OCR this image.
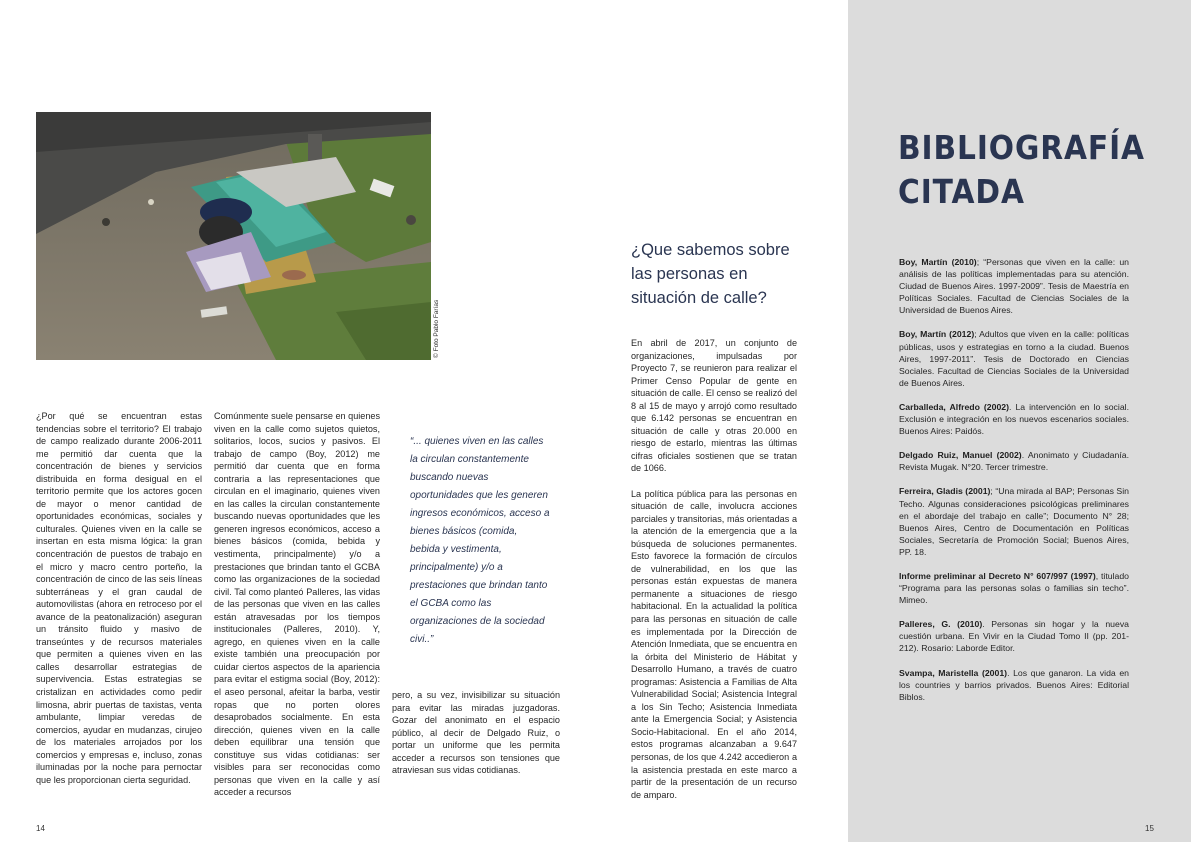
© Foto Pablo Farías
¿Por qué se encuentran estas tendencias sobre el territorio? El trabajo de campo realizado durante 2006-2011 me permitió dar cuenta que la concentración de bienes y servicios distribuida en forma desigual en el territorio permite que los actores gocen de mayor o menor cantidad de oportunidades económicas, sociales y culturales. Quienes viven en la calle se insertan en esta misma lógica: la gran concentración de puestos de trabajo en el micro y macro centro porteño, la concentración de cinco de las seis líneas subterráneas y el gran caudal de automovilistas (ahora en retroceso por el avance de la peatonalización) aseguran un tránsito fluido y masivo de transeúntes y de recursos materiales que permiten a quienes viven en las calles desarrollar estrategias de supervivencia. Estas estrategias se cristalizan en actividades como pedir limosna, abrir puertas de taxistas, venta ambulante, limpiar veredas de comercios, ayudar en mudanzas, cirujeo de los materiales arrojados por los comercios y empresas e, incluso, zonas iluminadas por la noche para pernoctar que les proporcionan cierta seguridad.
Comúnmente suele pensarse en quienes viven en la calle como sujetos quietos, solitarios, locos, sucios y pasivos. El trabajo de campo (Boy, 2012) me permitió dar cuenta que en forma contraria a las representaciones que circulan en el imaginario, quienes viven en las calles la circulan constantemente buscando nuevas oportunidades que les generen ingresos económicos, acceso a bienes básicos (comida, bebida y vestimenta, principalmente) y/o a prestaciones que brindan tanto el GCBA como las organizaciones de la sociedad civil. Tal como planteó Palleres, las vidas de las personas que viven en las calles están atravesadas por los tiempos institucionales (Palleres, 2010). Y, agrego, en quienes viven en la calle existe también una preocupación por cuidar ciertos aspectos de la apariencia para evitar el estigma social (Boy, 2012): el aseo personal, afeitar la barba, vestir ropas que no porten olores desaprobados socialmente. En esta dirección, quienes viven en la calle deben equilibrar una tensión que constituye sus vidas cotidianas: ser visibles para ser reconocidas como personas que viven en la calle y así acceder a recursos
“... quienes viven en las calles la circulan constantemente buscando nuevas oportunidades que les generen ingresos económicos, acceso a bienes básicos (comida, bebida y vestimenta, principalmente) y/o a prestaciones que brindan tanto el GCBA como las organizaciones de la sociedad civi..”
pero, a su vez, invisibilizar su situación para evitar las miradas juzgadoras. Gozar del anonimato en el espacio público, al decir de Delgado Ruiz, o portar un uniforme que les permita acceder a recursos son tensiones que atraviesan sus vidas cotidianas.
¿Que sabemos sobre las personas en situación de calle?

En abril de 2017, un conjunto de organizaciones, impulsadas por Proyecto 7, se reunieron para realizar el Primer Censo Popular de gente en situación de calle. El censo se realizó del 8 al 15 de mayo y arrojó como resultado que 6.142 personas se encuentran en situación de calle y otras 20.000 en riesgo de estarlo, mientras las últimas cifras oficiales sostienen que se tratan de 1066.

La política pública para las personas en situación de calle, involucra acciones parciales y transitorias, más orientadas a la atención de la emergencia que a la búsqueda de soluciones permanentes. Esto favorece la formación de círculos de vulnerabilidad, en los que las personas están expuestas de manera permanente a situaciones de riesgo habitacional. En la actualidad la política para las personas en situación de calle es implementada por la Dirección de Atención Inmediata, que se encuentra en la órbita del Ministerio de Hábitat y Desarrollo Humano, a través de cuatro programas: Asistencia a Familias de Alta Vulnerabilidad Social; Asistencia Integral a los Sin Techo; Asistencia Inmediata ante la Emergencia Social; y Asistencia Socio-Habitacional. En el año 2014, estos programas alcanzaban a 9.647 personas, de los que 4.242 accedieron a la asistencia prestada en este marco a partir de la presentación de un recurso de amparo.

BIBLIOGRAFÍA CITADA

Boy, Martín (2010); “Personas que viven en la calle: un análisis de las políticas implementadas para su atención. Ciudad de Buenos Aires. 1997-2009”. Tesis de Maestría en Políticas Sociales. Facultad de Ciencias Sociales de la Universidad de Buenos Aires.

Boy, Martín (2012); Adultos que viven en la calle: políticas públicas, usos y estrategias en torno a la ciudad. Buenos Aires, 1997-2011”. Tesis de Doctorado en Ciencias Sociales. Facultad de Ciencias Sociales de la Universidad de Buenos Aires.

Carballeda, Alfredo (2002). La intervención en lo social. Exclusión e integración en los nuevos escenarios sociales. Buenos Aires: Paidós.

Delgado Ruiz, Manuel (2002). Anonimato y Ciudadanía. Revista Mugak. N°20. Tercer trimestre.

Ferreira, Gladis (2001); “Una mirada al BAP; Personas Sin Techo. Algunas consideraciones psicológicas preliminares en el abordaje del trabajo en calle”; Documento N° 28; Buenos Aires, Centro de Documentación en Políticas Sociales, Secretaría de Promoción Social; Buenos Aires, PP. 18.

Informe preliminar al Decreto N° 607/997 (1997), titulado “Programa para las personas solas o familias sin techo”. Mimeo.

Palleres, G. (2010). Personas sin hogar y la nueva cuestión urbana. En Vivir en la Ciudad Tomo II (pp. 201-212). Rosario: Laborde Editor.

Svampa, Maristella (2001). Los que ganaron. La vida en los countries y barrios privados. Buenos Aires: Editorial Biblos.

14	15
